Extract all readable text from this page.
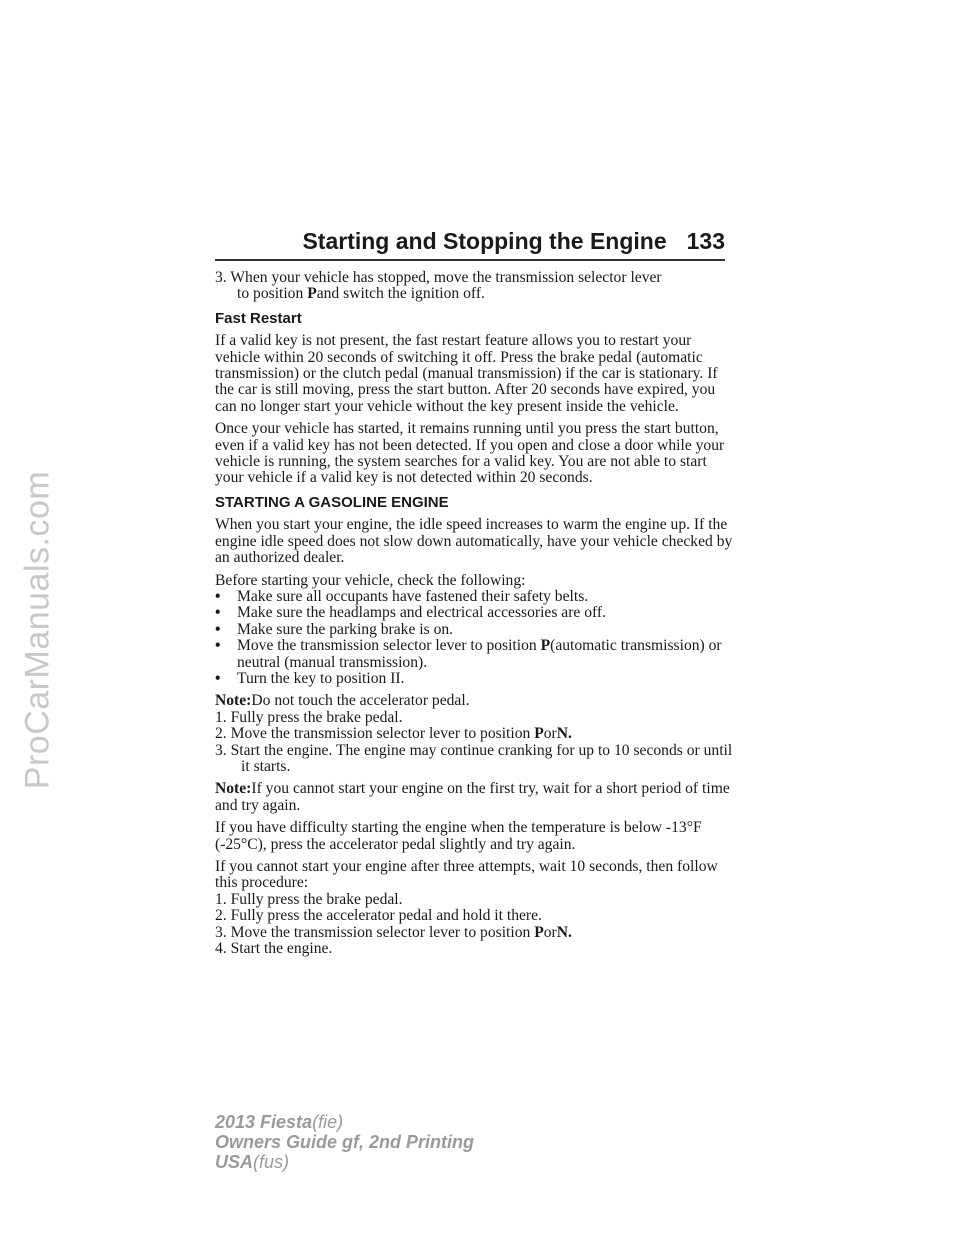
ProCarManuals.com
Starting and Stopping the Engine 133

3. When your vehicle has stopped, move the transmission selector lever
to position Pand switch the ignition off.

Fast Restart

If a valid key is not present, the fast restart feature allows you to restart your vehicle within 20 seconds of switching it off. Press the brake pedal (automatic transmission) or the clutch pedal (manual transmission) if the car is stationary. If the car is still moving, press the start button. After 20 seconds have expired, you can no longer start your vehicle without the key present inside the vehicle.

Once your vehicle has started, it remains running until you press the start button, even if a valid key has not been detected. If you open and close a door while your vehicle is running, the system searches for a valid key. You are not able to start your vehicle if a valid key is not detected within 20 seconds.

STARTING A GASOLINE ENGINE

When you start your engine, the idle speed increases to warm the engine up. If the engine idle speed does not slow down automatically, have your vehicle checked by an authorized dealer.

Before starting your vehicle, check the following:
• Make sure all occupants have fastened their safety belts.
• Make sure the headlamps and electrical accessories are off.
• Make sure the parking brake is on.
• Move the transmission selector lever to position P(automatic transmission) or neutral (manual transmission).
• Turn the key to position II.
Note:Do not touch the accelerator pedal.
1. Fully press the brake pedal.
2. Move the transmission selector lever to position PorN.
3. Start the engine. The engine may continue cranking for up to 10 seconds or until it starts.

Note:If you cannot start your engine on the first try, wait for a short period of time and try again.

If you have difficulty starting the engine when the temperature is below -13°F (-25°C), press the accelerator pedal slightly and try again.

If you cannot start your engine after three attempts, wait 10 seconds, then follow this procedure:
1. Fully press the brake pedal.
2. Fully press the accelerator pedal and hold it there.
3. Move the transmission selector lever to position PorN.
4. Start the engine.
2013 Fiesta(fie)
Owners Guide gf, 2nd Printing
USA(fus)
